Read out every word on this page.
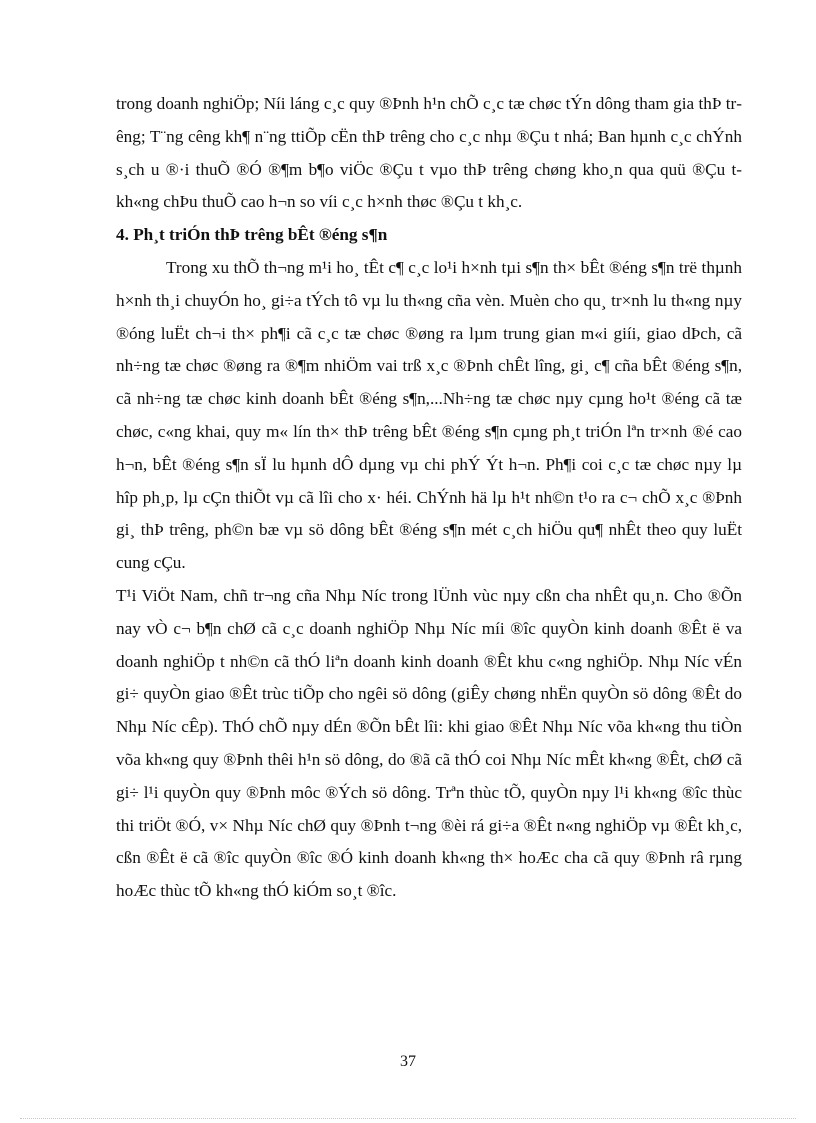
trong doanh nghiÖp; Níi láng c¸c quy ®Þnh h¹n chÕ c¸c tæ chøc tÝn dông tham gia thÞ trêng; T¨ng cêng kh¶ n¨ng ttiÕp cËn thÞ trêng cho c¸c nhµ ®Çu t nhá; Ban hµnh c¸c chÝnh s¸ch u ®·i thuÕ ®Ó ®¶m b¶o viÖc ®Çu t vµo thÞ trêng chøng kho¸n qua quü ®Çu t kh«ng chÞu thuÕ cao h¬n so víi c¸c h×nh thøc ®Çu t kh¸c.

4. Ph¸t triÓn thÞ trêng bÊt ®éng s¶n

Trong xu thÕ th¬ng m¹i ho¸ tÊt c¶ c¸c lo¹i h×nh tµi s¶n th× bÊt ®éng s¶n trë thµnh h×nh th¸i chuyÓn ho¸ gi÷a tÝch tô vµ lu th«ng cña vèn. Muèn cho qu¸ tr×nh lu th«ng nµy ®óng luËt ch¬i th× ph¶i cã c¸c tæ chøc ®øng ra lµm trung gian m«i giíi, giao dÞch, cã nh÷ng tæ chøc ®øng ra ®¶m nhiÖm vai trß x¸c ®Þnh chÊt lîng, gi¸ c¶ cña bÊt ®éng s¶n, cã nh÷ng tæ chøc kinh doanh bÊt ®éng s¶n,...Nh÷ng tæ chøc nµy cµng ho¹t ®éng cã tæ chøc, c«ng khai, quy m« lín th× thÞ trêng bÊt ®éng s¶n cµng ph¸t triÓn lªn tr×nh ®é cao h¬n, bÊt ®éng s¶n sÏ lu hµnh dÔ dµng vµ chi phÝ Ýt h¬n. Ph¶i coi c¸c tæ chøc nµy lµ hîp ph¸p, lµ cÇn thiÕt vµ cã lîi cho x· héi. ChÝnh hä lµ h¹t nh©n t¹o ra c¬ chÕ x¸c ®Þnh gi¸ thÞ trêng, ph©n bæ vµ sö dông bÊt ®éng s¶n mét c¸ch hiÖu qu¶ nhÊt theo quy luËt cung cÇu.

T¹i ViÖt Nam, chñ tr¬ng cña Nhµ Níc trong lÜnh vùc nµy cßn cha nhÊt qu¸n. Cho ®Õn nay vÒ c¬ b¶n chØ cã c¸c doanh nghiÖp Nhµ Níc míi ®îc quyÒn kinh doanh ®Êt ë va doanh nghiÖp t nh©n cã thÓ liªn doanh kinh doanh ®Êt khu c«ng nghiÖp. Nhµ Níc vÉn gi÷ quyÒn giao ®Êt trùc tiÕp cho ngêi sö dông (giÊy chøng nhËn quyÒn sö dông ®Êt do Nhµ Níc cÊp). ThÓ chÕ nµy dÉn ®Õn bÊt lîi: khi giao ®Êt Nhµ Níc võa kh«ng thu tiÒn võa kh«ng quy ®Þnh thêi h¹n sö dông, do ®ã cã thÓ coi Nhµ Níc mÊt kh«ng ®Êt, chØ cã gi÷ l¹i quyÒn quy ®Þnh môc ®Ých sö dông. Trªn thùc tÕ, quyÒn nµy l¹i kh«ng ®îc thùc thi triÖt ®Ó, v× Nhµ Níc chØ quy ®Þnh t¬ng ®èi rá gi÷a ®Êt n«ng nghiÖp vµ ®Êt kh¸c, cßn ®Êt ë cã ®îc quyÒn ®îc ®Ó kinh doanh kh«ng th× hoÆc cha cã quy ®Þnh râ rµng hoÆc thùc tÕ kh«ng thÓ kiÓm so¸t ®îc.

37
